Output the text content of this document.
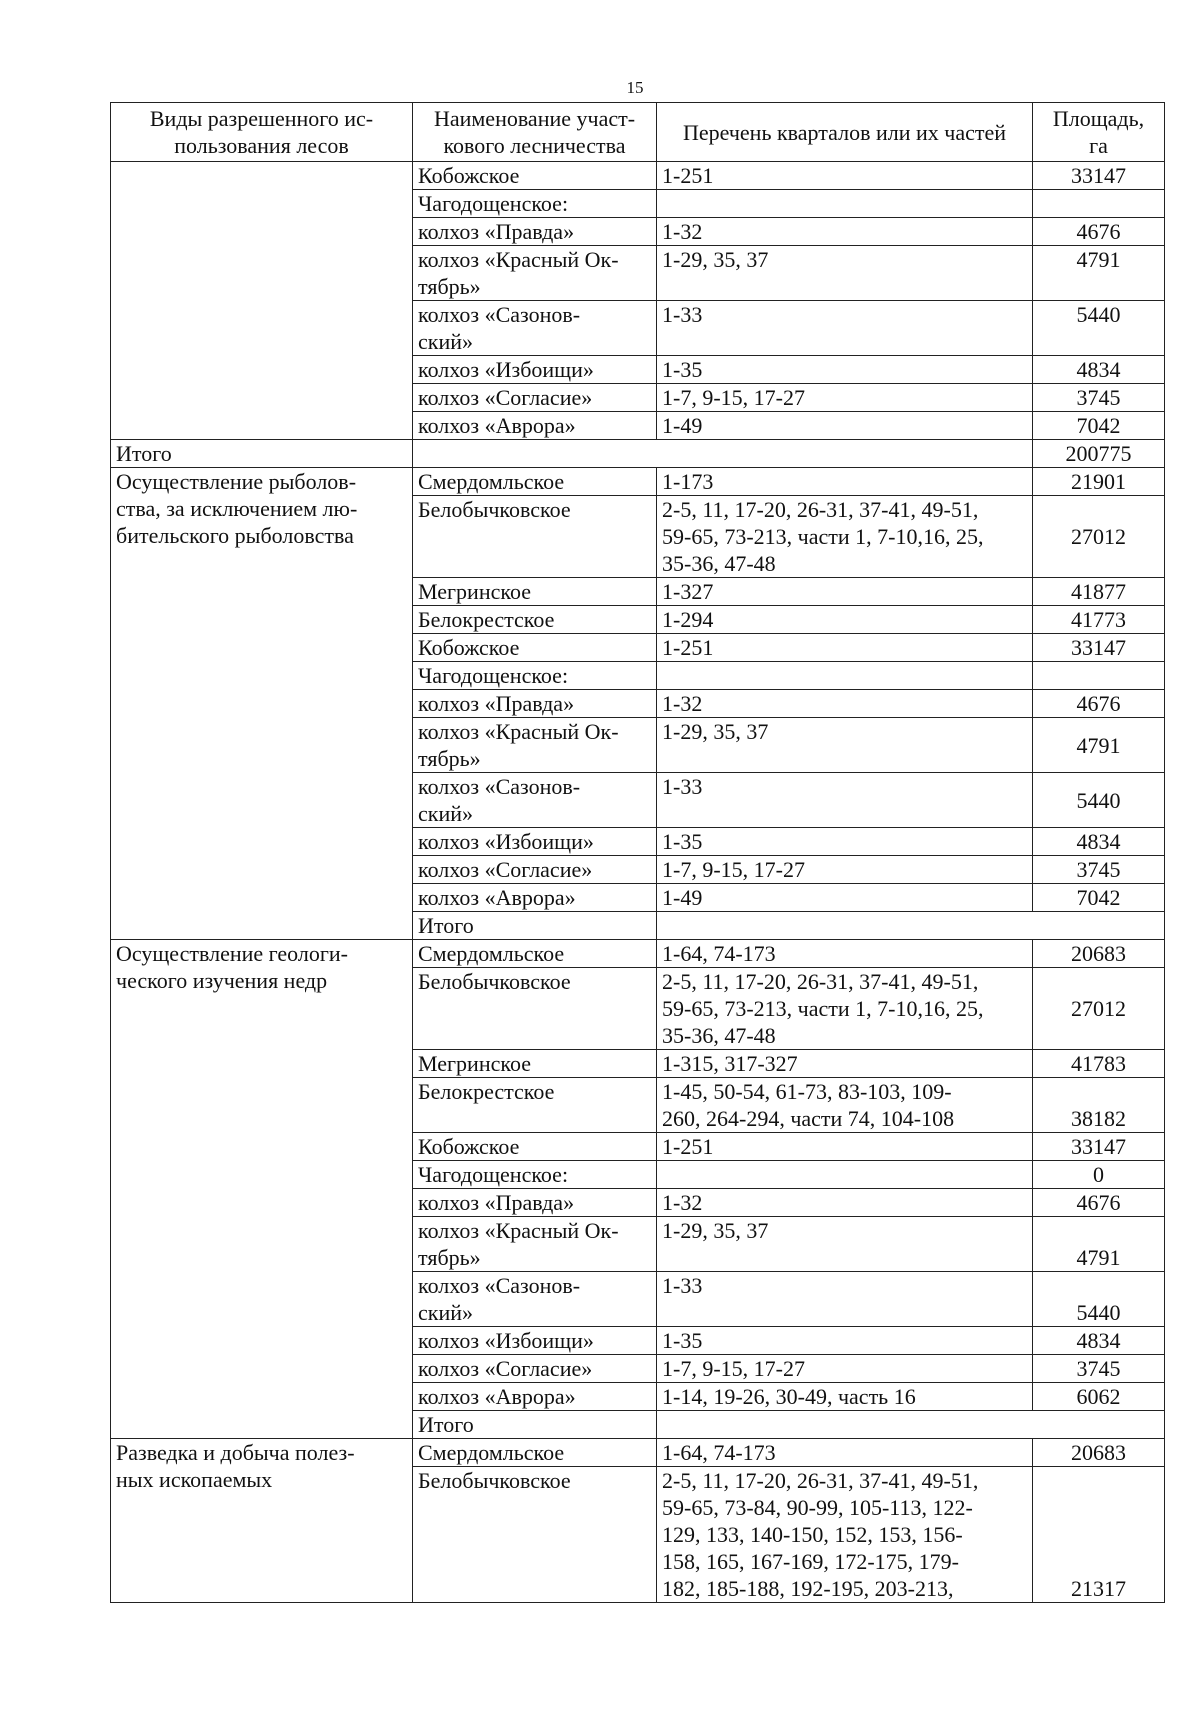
15
Виды разрешенного ис-
пользования лесов	Наименование участ-
кового лесничества	Перечень кварталов или их частей	Площадь,
га	
	Кобожское	1-251	33147	
	Чагодощенское:			
	колхоз «Правда»	1-32	4676	
	колхоз «Красный Ок-
тябрь»	1-29, 35, 37	4791	
	колхоз «Сазонов-
ский»	1-33	5440	
	колхоз «Избоищи»	1-35	4834	
	колхоз «Согласие»	1-7, 9-15, 17-27	3745	
	колхоз «Аврора»	1-49	7042	
Итого			200775	
Осуществление рыболов-
ства, за исключением лю-
бительского рыболовства	Смердомльское	1-173	21901	
	Белобычковское	2-5, 11, 17-20, 26-31, 37-41, 49-51,
59-65, 73-213, части 1, 7-10,16, 25,
35-36, 47-48	27012	
	Мегринское	1-327	41877	
	Белокрестское	1-294	41773	
	Кобожское	1-251	33147	
	Чагодощенское:			
	колхоз «Правда»	1-32	4676	
	колхоз «Красный Ок-
тябрь»	1-29, 35, 37	4791	
	колхоз «Сазонов-
ский»	1-33	5440	
	колхоз «Избоищи»	1-35	4834	
	колхоз «Согласие»	1-7, 9-15, 17-27	3745	
	колхоз «Аврора»	1-49	7042	
	Итого		
Осуществление геологи-
ческого изучения недр	Смердомльское	1-64, 74-173	20683	
	Белобычковское	2-5, 11, 17-20, 26-31, 37-41, 49-51,
59-65, 73-213, части 1, 7-10,16, 25,
35-36, 47-48	27012	
	Мегринское	1-315, 317-327	41783	
	Белокрестское	1-45, 50-54, 61-73, 83-103, 109-
260, 264-294, части 74, 104-108	38182	
	Кобожское	1-251	33147	
	Чагодощенское:		0	
	колхоз «Правда»	1-32	4676	
	колхоз «Красный Ок-
тябрь»	1-29, 35, 37	4791	
	колхоз «Сазонов-
ский»	1-33	5440	
	колхоз «Избоищи»	1-35	4834	
	колхоз «Согласие»	1-7, 9-15, 17-27	3745	
	колхоз «Аврора»	1-14, 19-26, 30-49, часть 16	6062	
	Итого		
Разведка и добыча полез-
ных ископаемых	Смердомльское	1-64, 74-173	20683	
	Белобычковское	2-5, 11, 17-20, 26-31, 37-41, 49-51,
59-65, 73-84, 90-99, 105-113, 122-
129, 133, 140-150, 152, 153, 156-
158, 165, 167-169, 172-175, 179-
182, 185-188, 192-195, 203-213,	21317	
